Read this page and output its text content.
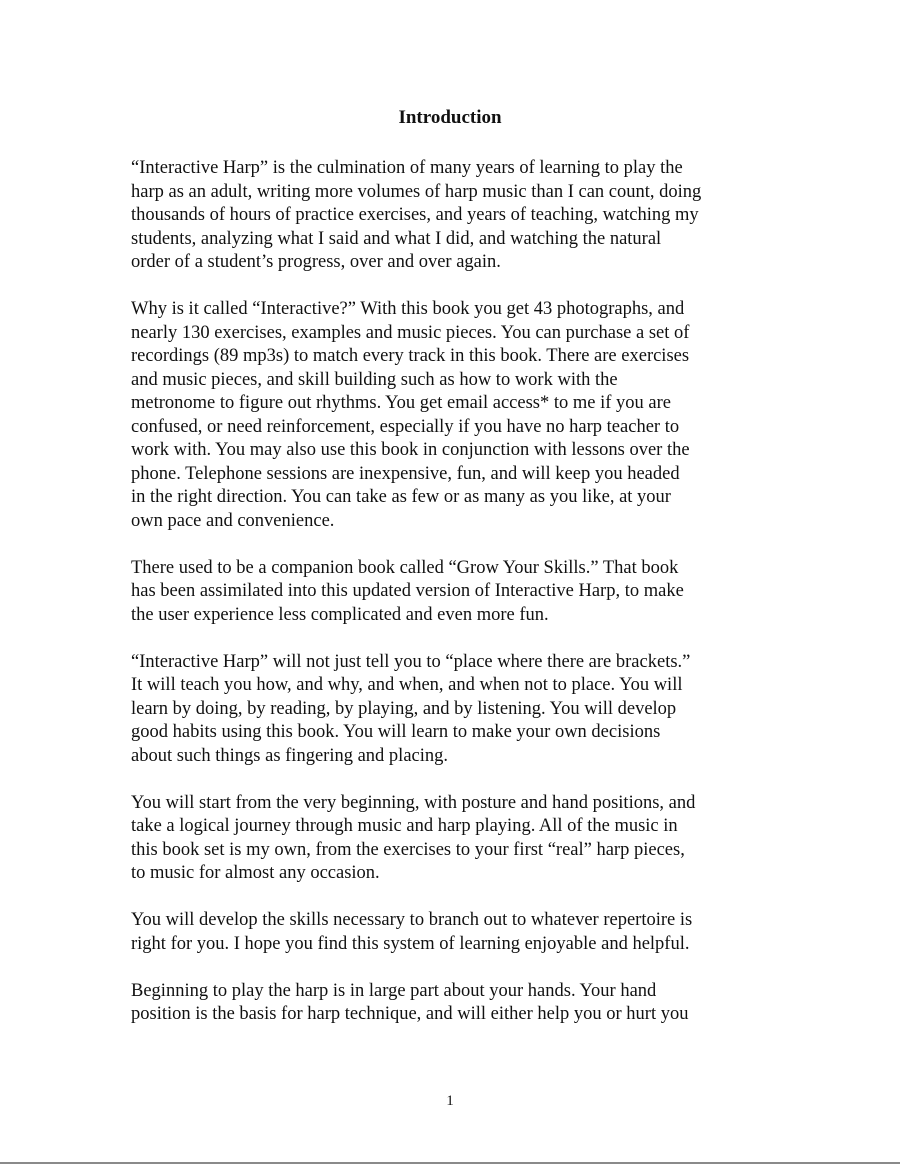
Introduction

“Interactive Harp” is the culmination of many years of learning to play the
harp as an adult, writing more volumes of harp music than I can count, doing
thousands of hours of practice exercises, and years of teaching, watching my
students, analyzing what I said and what I did, and watching the natural
order of a student’s progress, over and over again.

Why is it called “Interactive?” With this book you get 43 photographs, and
nearly 130 exercises, examples and music pieces. You can purchase a set of
recordings (89 mp3s) to match every track in this book. There are exercises
and music pieces, and skill building such as how to work with the
metronome to figure out rhythms. You get email access* to me if you are
confused, or need reinforcement, especially if you have no harp teacher to
work with. You may also use this book in conjunction with lessons over the
phone. Telephone sessions are inexpensive, fun, and will keep you headed
in the right direction. You can take as few or as many as you like, at your
own pace and convenience.

There used to be a companion book called “Grow Your Skills.” That book
has been assimilated into this updated version of Interactive Harp, to make
the user experience less complicated and even more fun.

“Interactive Harp” will not just tell you to “place where there are brackets.”
It will teach you how, and why, and when, and when not to place. You will
learn by doing, by reading, by playing, and by listening. You will develop
good habits using this book. You will learn to make your own decisions
about such things as fingering and placing.

You will start from the very beginning, with posture and hand positions, and
take a logical journey through music and harp playing. All of the music in
this book set is my own, from the exercises to your first “real” harp pieces,
to music for almost any occasion.

You will develop the skills necessary to branch out to whatever repertoire is
right for you. I hope you find this system of learning enjoyable and helpful.

Beginning to play the harp is in large part about your hands. Your hand
position is the basis for harp technique, and will either help you or hurt you

1
